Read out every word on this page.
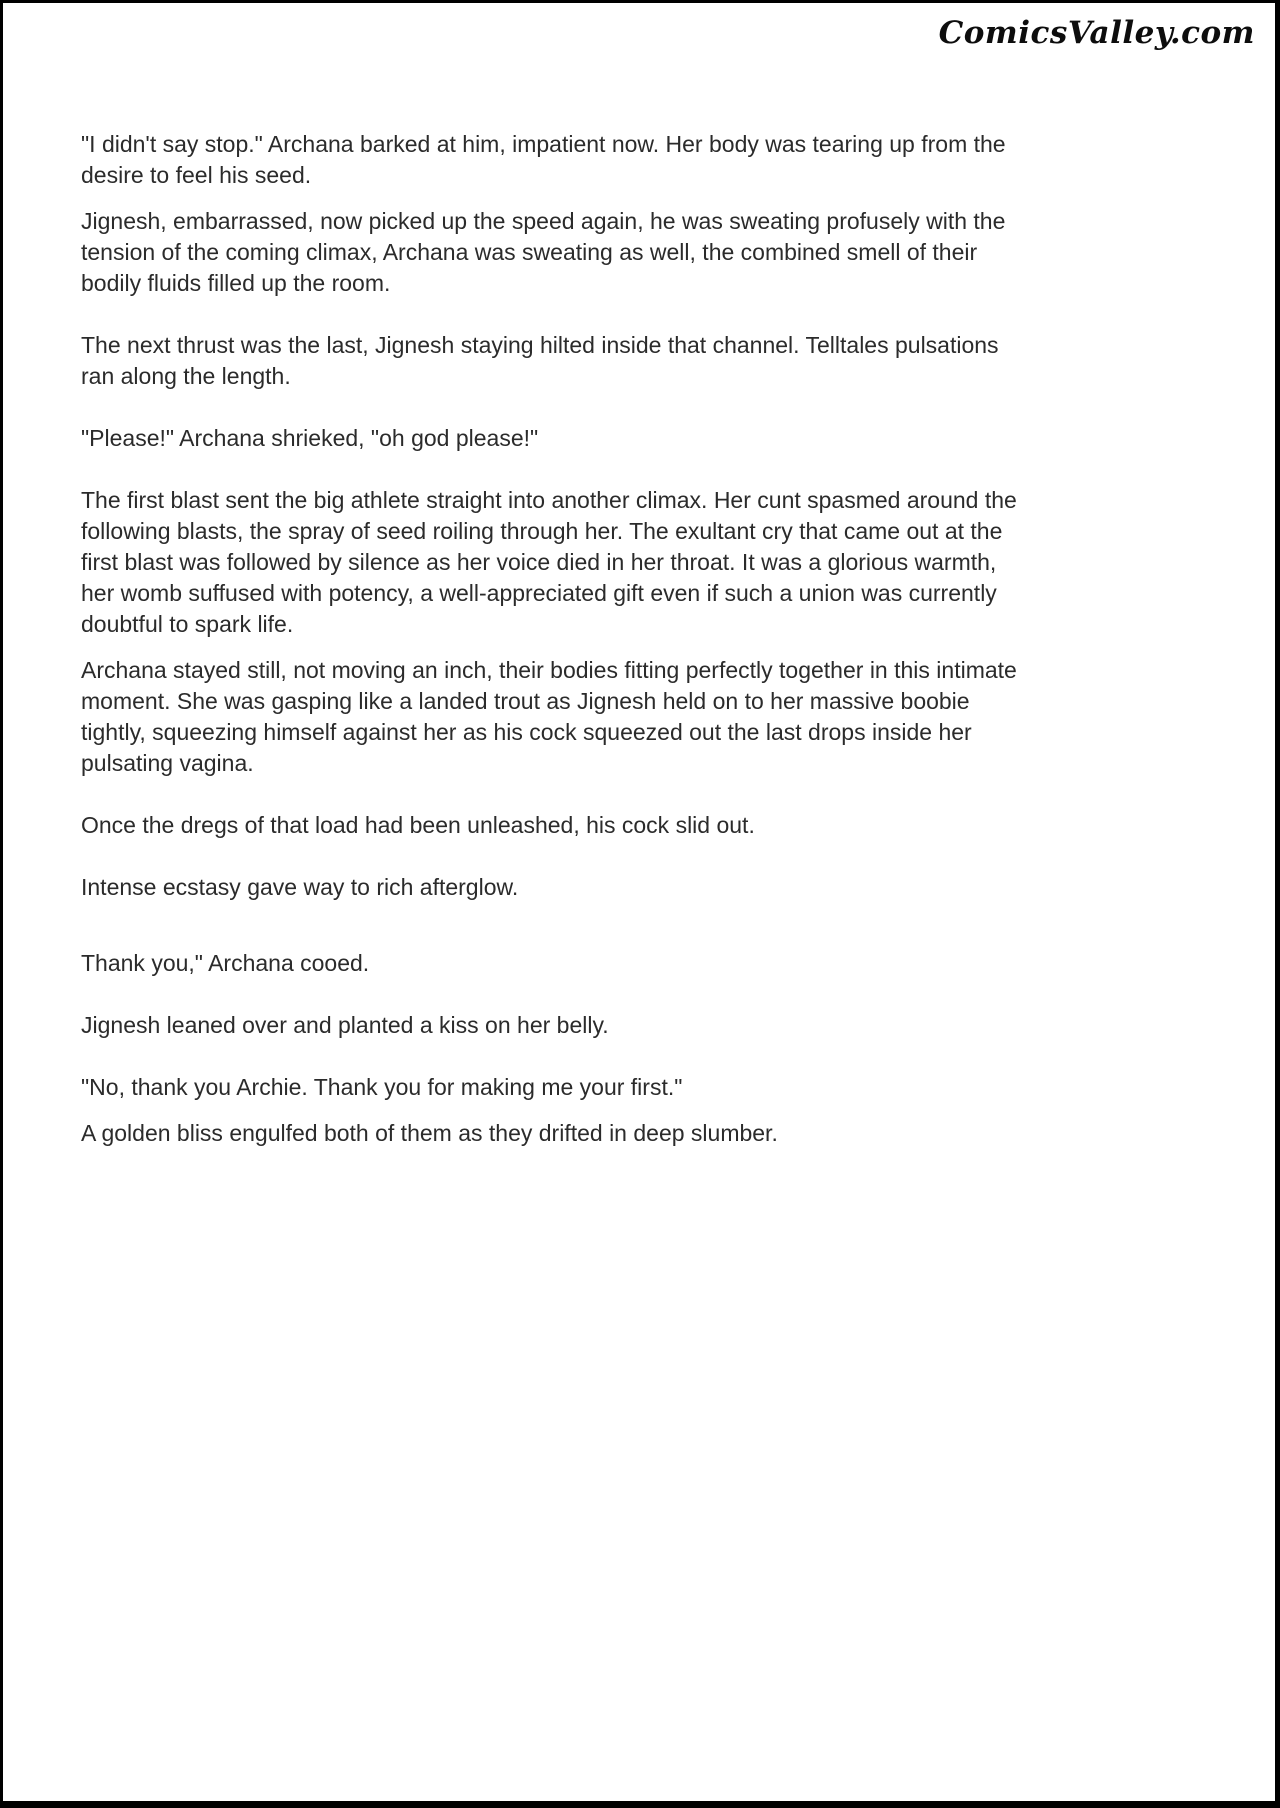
ComicsValley.com

"I didn't say stop." Archana barked at him, impatient now. Her body was tearing up from the desire to feel his seed.

Jignesh, embarrassed, now picked up the speed again, he was sweating profusely with the tension of the coming climax, Archana was sweating as well, the combined smell of their bodily fluids filled up the room.

The next thrust was the last, Jignesh staying hilted inside that channel. Telltales pulsations ran along the length.

"Please!" Archana shrieked, "oh god please!"

The first blast sent the big athlete straight into another climax. Her cunt spasmed around the following blasts, the spray of seed roiling through her. The exultant cry that came out at the first blast was followed by silence as her voice died in her throat. It was a glorious warmth, her womb suffused with potency, a well-appreciated gift even if such a union was currently doubtful to spark life.

Archana stayed still, not moving an inch, their bodies fitting perfectly together in this intimate moment. She was gasping like a landed trout as Jignesh held on to her massive boobie tightly, squeezing himself against her as his cock squeezed out the last drops inside her pulsating vagina.

Once the dregs of that load had been unleashed, his cock slid out.

Intense ecstasy gave way to rich afterglow.

Thank you," Archana cooed.

Jignesh leaned over and planted a kiss on her belly.

"No, thank you Archie. Thank you for making me your first."

A golden bliss engulfed both of them as they drifted in deep slumber.
